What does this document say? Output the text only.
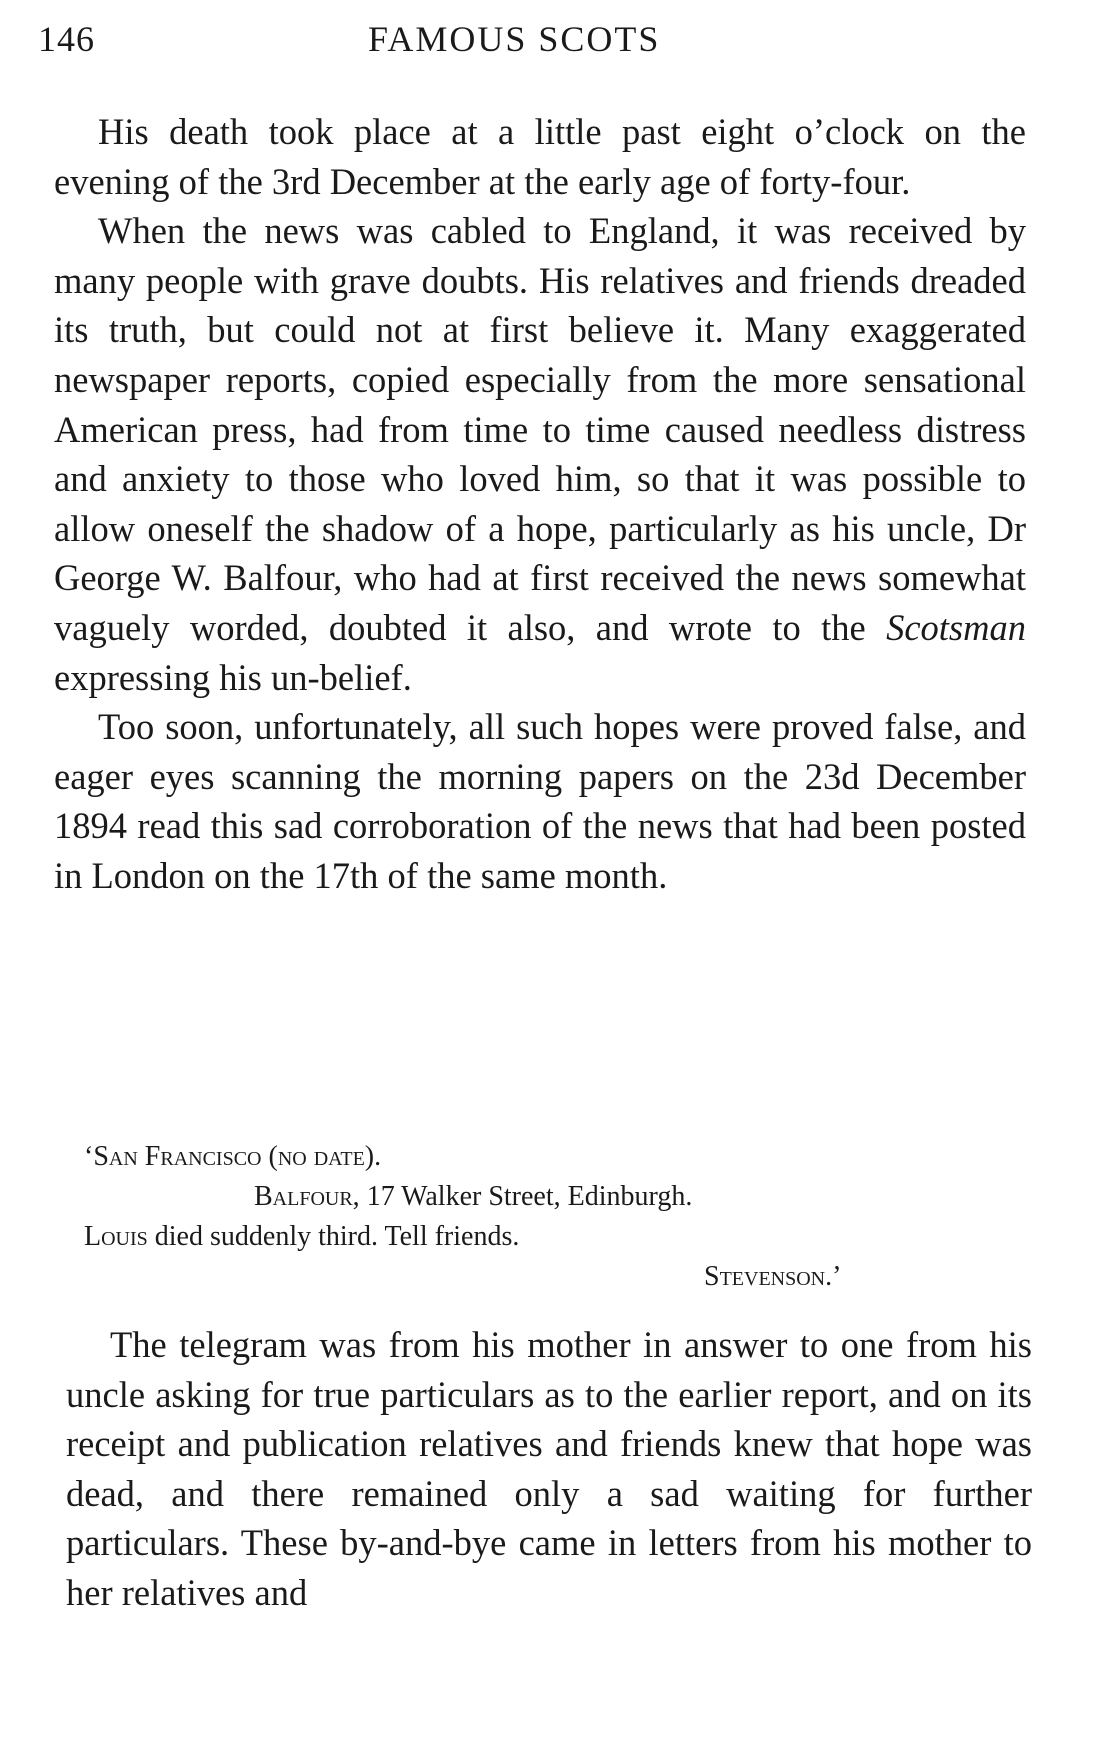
146	FAMOUS SCOTS

His death took place at a little past eight o’clock on the evening of the 3rd December at the early age of forty-four.

When the news was cabled to England, it was received by many people with grave doubts. His relatives and friends dreaded its truth, but could not at first believe it. Many exaggerated newspaper reports, copied especially from the more sensational American press, had from time to time caused needless distress and anxiety to those who loved him, so that it was possible to allow oneself the shadow of a hope, particularly as his uncle, Dr George W. Balfour, who had at first received the news somewhat vaguely worded, doubted it also, and wrote to the Scotsman expressing his un-belief.

Too soon, unfortunately, all such hopes were proved false, and eager eyes scanning the morning papers on the 23d December 1894 read this sad corroboration of the news that had been posted in London on the 17th of the same month.

‘San Francisco (no date).
Balfour, 17 Walker Street, Edinburgh.
Louis died suddenly third. Tell friends.
Stevenson.’

The telegram was from his mother in answer to one from his uncle asking for true particulars as to the earlier report, and on its receipt and publication relatives and friends knew that hope was dead, and there remained only a sad waiting for further particulars. These by-and-bye came in letters from his mother to her relatives and
